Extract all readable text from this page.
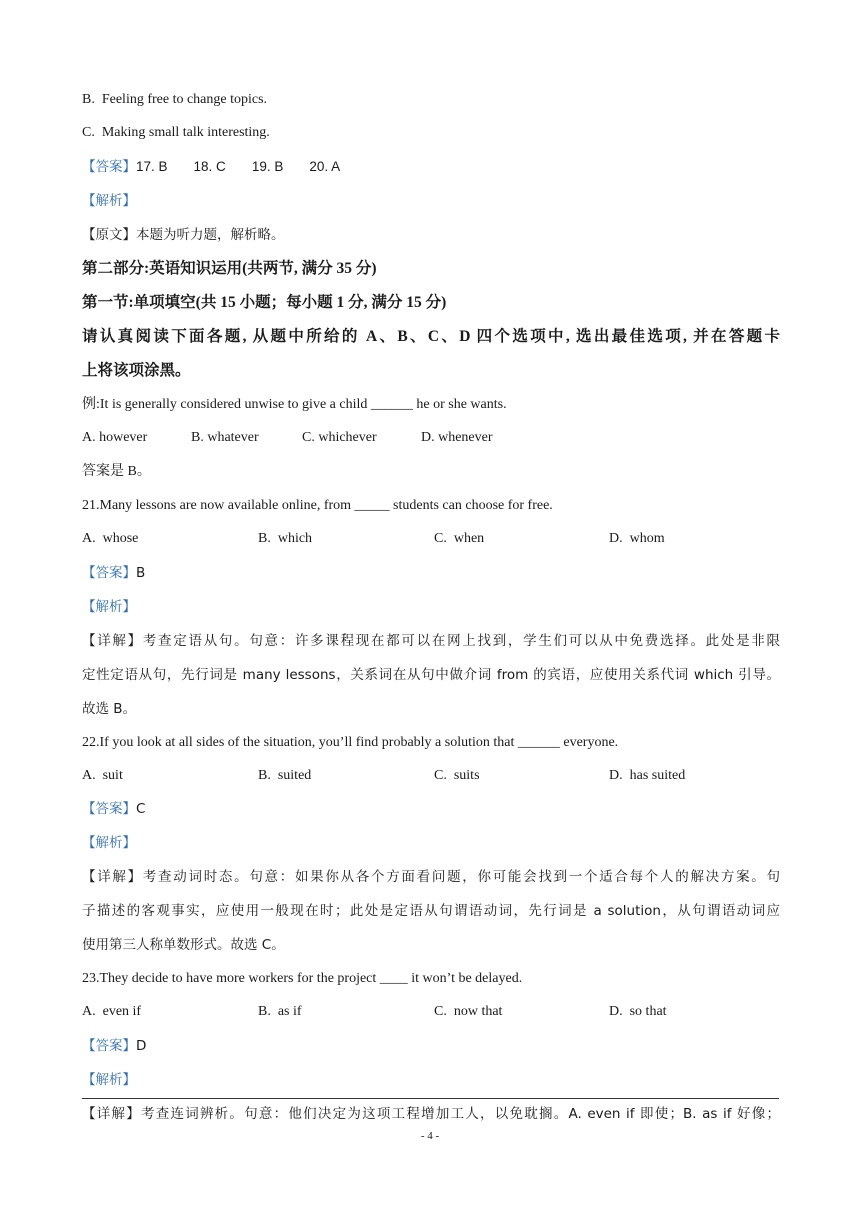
B.  Feeling free to change topics.
C.  Making small talk interesting.
【答案】17. B 18. C 19. B 20. A
【解析】
【原文】本题为听力题，解析略。
第二部分:英语知识运用(共两节, 满分 35 分)
第一节:单项填空(共 15 小题；每小题 1 分, 满分 15 分)
请认真阅读下面各题, 从题中所给的 A、B、C、D 四个选项中, 选出最佳选项, 并在答题卡
上将该项涂黑。
例:It is generally considered unwise to give a child ______ he or she wants.
A. however	B. whatever	C. whichever	D. whenever
答案是 B。
21.Many lessons are now available online, from _____ students can choose for free.
A.  whose	B.  which	C.  when	D.  whom
【答案】B
【解析】
【详解】考查定语从句。句意：许多课程现在都可以在网上找到，学生们可以从中免费选择。此处是非限
定性定语从句，先行词是 many lessons，关系词在从句中做介词 from 的宾语，应使用关系代词 which 引导。
故选 B。
22.If you look at all sides of the situation, you’ll find probably a solution that ______ everyone.
A.  suit	B.  suited	C.  suits	D.  has suited
【答案】C
【解析】
【详解】考查动词时态。句意：如果你从各个方面看问题，你可能会找到一个适合每个人的解决方案。句
子描述的客观事实，应使用一般现在时；此处是定语从句谓语动词，先行词是 a solution，从句谓语动词应
使用第三人称单数形式。故选 C。
23.They decide to have more workers for the project ____ it won’t be delayed.
A.  even if	B.  as if	C.  now that	D.  so that
【答案】D
【解析】
【详解】考查连词辨析。句意：他们决定为这项工程增加工人，以免耽搁。A. even if 即使；B. as if 好像；
- 4 -
